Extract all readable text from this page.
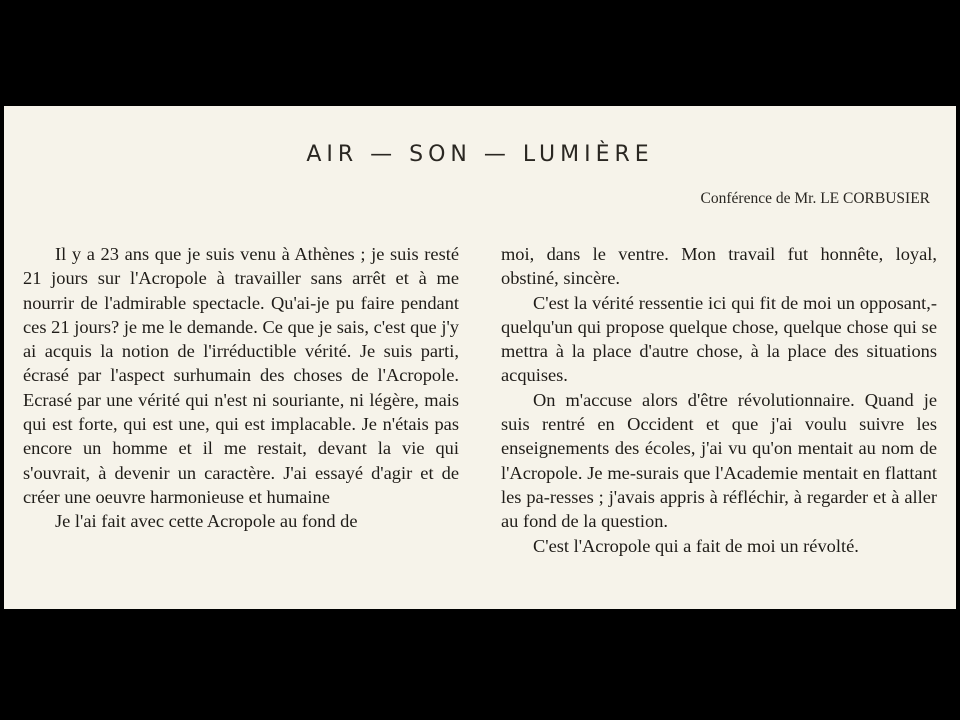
AIR — SON — LUMIÈRE
Conférence de Mr. LE CORBUSIER

Il y a 23 ans que je suis venu à Athènes ; je suis resté 21 jours sur l'Acropole à travailler sans arrêt et à me nourrir de l'admirable spectacle. Qu'ai-je pu faire pendant ces 21 jours? je me le demande. Ce que je sais, c'est que j'y ai acquis la notion de l'irréductible vérité. Je suis parti, écrasé par l'aspect surhumain des choses de l'Acropole. Ecrasé par une vérité qui n'est ni souriante, ni légère, mais qui est forte, qui est une, qui est implacable. Je n'étais pas encore un homme et il me restait, devant la vie qui s'ouvrait, à devenir un caractère. J'ai essayé d'agir et de créer une oeuvre harmonieuse et humaine

Je l'ai fait avec cette Acropole au fond de

moi, dans le ventre. Mon travail fut honnête, loyal, obstiné, sincère.

C'est la vérité ressentie ici qui fit de moi un opposant,-quelqu'un qui propose quelque chose, quelque chose qui se mettra à la place d'autre chose, à la place des situations acquises.

On m'accuse alors d'être révolutionnaire. Quand je suis rentré en Occident et que j'ai voulu suivre les enseignements des écoles, j'ai vu qu'on mentait au nom de l'Acropole. Je me-surais que l'Academie mentait en flattant les pa-resses ; j'avais appris à réfléchir, à regarder et à aller au fond de la question.

C'est l'Acropole qui a fait de moi un révolté.
